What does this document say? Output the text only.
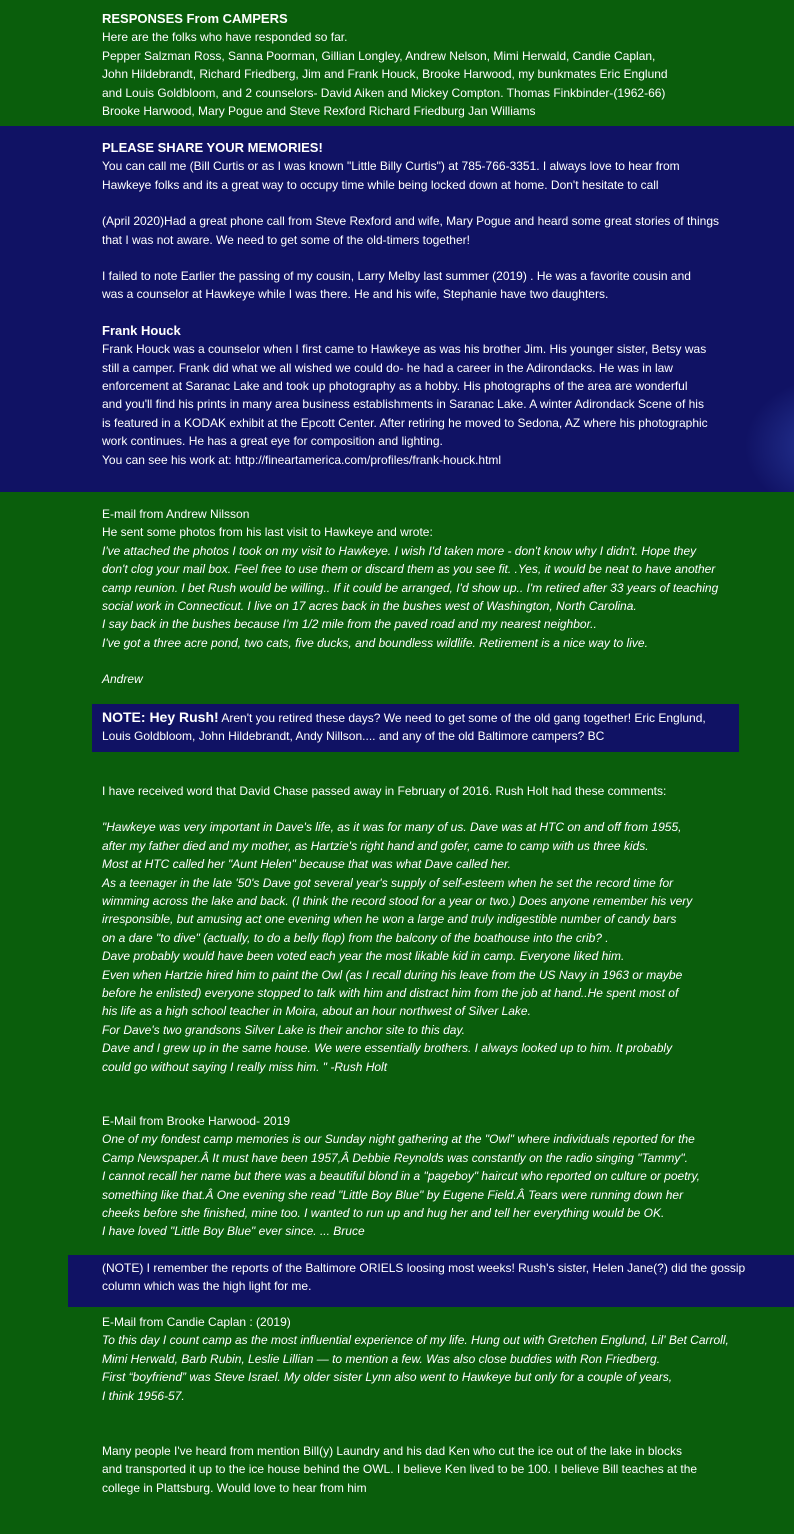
RESPONSES From CAMPERS

Here are the folks who have responded so far.

Pepper Salzman Ross, Sanna Poorman, Gillian Longley, Andrew Nelson, Mimi Herwald, Candie Caplan,
John Hildebrandt, Richard Friedberg, Jim and Frank Houck, Brooke Harwood, my bunkmates Eric Englund
and Louis Goldbloom, and 2 counselors- David Aiken and Mickey Compton. Thomas Finkbinder-(1962-66)
Brooke Harwood, Mary Pogue and Steve Rexford Richard Friedburg Jan Williams

PLEASE SHARE YOUR MEMORIES!

You can call me (Bill Curtis or as I was known "Little Billy Curtis") at 785-766-3351. I always love to hear from
Hawkeye folks and its a great way to occupy time while being locked down at home. Don't hesitate to call

(April 2020)Had a great phone call from Steve Rexford and wife, Mary Pogue and heard some great stories of things
that I was not aware. We need to get some of the old-timers together!

I failed to note Earlier the passing of my cousin, Larry Melby last summer (2019) . He was a favorite cousin and
was a counselor at Hawkeye while I was there. He and his wife, Stephanie have two daughters.

Frank Houck

Frank Houck was a counselor when I first came to Hawkeye as was his brother Jim. His younger sister, Betsy was
still a camper. Frank did what we all wished we could do- he had a career in the Adirondacks. He was in law
enforcement at Saranac Lake and took up photography as a hobby. His photographs of the area are wonderful
and you'll find his prints in many area business establishments in Saranac Lake. A winter Adirondack Scene of his
is featured in a KODAK exhibit at the Epcott Center. After retiring he moved to Sedona, AZ where his photographic
work continues. He has a great eye for composition and lighting.
You can see his work at: http://fineartamerica.com/profiles/frank-houck.html

E-mail from Andrew Nilsson

He sent some photos from his last visit to Hawkeye and wrote:

I've attached the photos I took on my visit to Hawkeye. I wish I'd taken more - don't know why I didn't. Hope they
don't clog your mail box. Feel free to use them or discard them as you see fit. .Yes, it would be neat to have another
camp reunion. I bet Rush would be willing.. If it could be arranged, I'd show up.. I'm retired after 33 years of teaching
social work in Connecticut. I live on 17 acres back in the bushes west of Washington, North Carolina.
I say back in the bushes because I'm 1/2 mile from the paved road and my nearest neighbor..
I've got a three acre pond, two cats, five ducks, and boundless wildlife. Retirement is a nice way to live.

Andrew

NOTE: Hey Rush! Aren't you retired these days? We need to get some of the old gang together! Eric Englund,
Louis Goldbloom, John Hildebrandt, Andy Nillson.... and any of the old Baltimore campers? BC

I have received word that David Chase passed away in February of 2016. Rush Holt had these comments:

"Hawkeye was very important in Dave's life, as it was for many of us. Dave was at HTC on and off from 1955,
after my father died and my mother, as Hartzie's right hand and gofer, came to camp with us three kids.
Most at HTC called her "Aunt Helen" because that was what Dave called her.
As a teenager in the late '50's Dave got several year's supply of self-esteem when he set the record time for
wimming across the lake and back. (I think the record stood for a year or two.) Does anyone remember his very
irresponsible, but amusing act one evening when he won a large and truly indigestible number of candy bars
on a dare "to dive" (actually, to do a belly flop) from the balcony of the boathouse into the crib? .
Dave probably would have been voted each year the most likable kid in camp. Everyone liked him.
Even when Hartzie hired him to paint the Owl (as I recall during his leave from the US Navy in 1963 or maybe
before he enlisted) everyone stopped to talk with him and distract him from the job at hand..He spent most of
his life as a high school teacher in Moira, about an hour northwest of Silver Lake.
For Dave's two grandsons Silver Lake is their anchor site to this day.
Dave and I grew up in the same house. We were essentially brothers. I always looked up to him. It probably
could go without saying I really miss him. " -Rush Holt

E-Mail from Brooke Harwood- 2019

One of my fondest camp memories is our Sunday night gathering at the "Owl" where individuals reported for the
Camp Newspaper.Â It must have been 1957,Â Debbie Reynolds was constantly on the radio singing "Tammy".
I cannot recall her name but there was a beautiful blond in a "pageboy" haircut who reported on culture or poetry,
something like that.Â One evening she read "Little Boy Blue" by Eugene Field.Â Tears were running down her
cheeks before she finished, mine too. I wanted to run up and hug her and tell her everything would be OK.
I have loved "Little Boy Blue" ever since. ... Bruce

(NOTE) I remember the reports of the Baltimore ORIELS loosing most weeks! Rush's sister, Helen Jane(?) did the gossip
column which was the high light for me.

E-Mail from Candie Caplan : (2019)

To this day I count camp as the most influential experience of my life. Hung out with Gretchen Englund, Lil' Bet Carroll,
Mimi Herwald, Barb Rubin, Leslie Lillian — to mention a few. Was also close buddies with Ron Friedberg.
First “boyfriend” was Steve Israel. My older sister Lynn also went to Hawkeye but only for a couple of years,
I think 1956-57.

Many people I've heard from mention Bill(y) Laundry and his dad Ken who cut the ice out of the lake in blocks
and transported it up to the ice house behind the OWL. I believe Ken lived to be 100. I believe Bill teaches at the
college in Plattsburg. Would love to hear from him
